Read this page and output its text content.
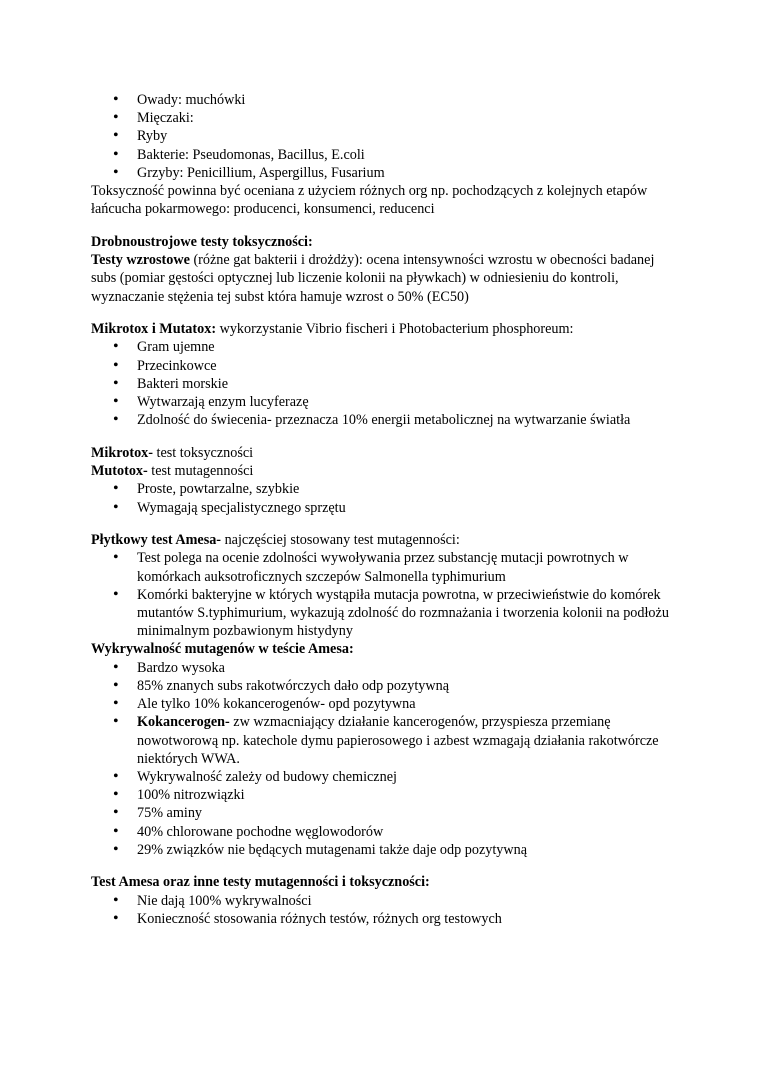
• Owady: muchówki
• Mięczaki:
• Ryby
• Bakterie: Pseudomonas, Bacillus, E.coli
• Grzyby: Penicillium, Aspergillus, Fusarium

Toksyczność powinna być oceniana z użyciem różnych org np. pochodzących z kolejnych etapów łańcucha pokarmowego: producenci, konsumenci, reducenci

Drobnoustrojowe testy toksyczności:

Testy wzrostowe (różne gat bakterii i drożdży): ocena intensywności wzrostu w obecności badanej subs (pomiar gęstości optycznej lub liczenie kolonii na pływkach) w odniesieniu do kontroli, wyznaczanie stężenia tej subst która hamuje wzrost o 50% (EC50)

Mikrotox i Mutatox: wykorzystanie Vibrio fischeri i Photobacterium phosphoreum:

• Gram ujemne
• Przecinkowce
• Bakteri morskie
• Wytwarzają enzym lucyferazę
• Zdolność do świecenia- przeznacza 10% energii metabolicznej na wytwarzanie światła

Mikrotox- test toksyczności

Mutotox- test mutagenności

• Proste, powtarzalne, szybkie
• Wymagają specjalistycznego sprzętu

Płytkowy test Amesa- najczęściej stosowany test mutagenności:

• Test polega na ocenie zdolności wywoływania przez substancję mutacji powrotnych w komórkach auksotroficznych szczepów Salmonella typhimurium
• Komórki bakteryjne w których wystąpiła mutacja powrotna, w przeciwieństwie do komórek mutantów S.typhimurium, wykazują zdolność do rozmnażania i tworzenia kolonii na podłożu minimalnym pozbawionym histydyny

Wykrywalność mutagenów w teście Amesa:

• Bardzo wysoka
• 85% znanych subs rakotwórczych dało odp pozytywną
• Ale tylko 10% kokancerogenów- opd pozytywna
• Kokancerogen- zw wzmacniający działanie kancerogenów, przyspiesza przemianę nowotworową np. katechole dymu papierosowego i azbest wzmagają działania rakotwórcze niektórych WWA.
• Wykrywalność zależy od budowy chemicznej
• 100% nitrozwiązki
• 75% aminy
• 40% chlorowane pochodne węglowodorów
• 29% związków nie będących mutagenami także daje odp pozytywną

Test Amesa oraz inne testy mutagenności i toksyczności:

• Nie dają 100% wykrywalności
• Konieczność stosowania różnych testów, różnych org testowych
